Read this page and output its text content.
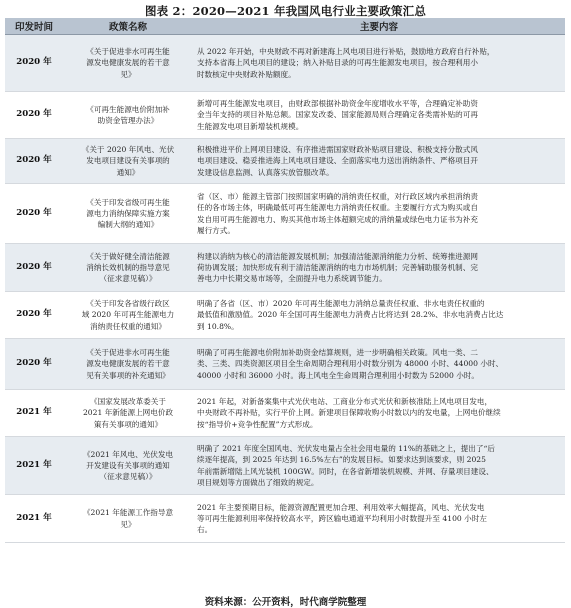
图表 2：2020—2021 年我国风电行业主要政策汇总
印发时间	政策名称	主要内容
2020 年	《关于促进非水可再生能
源发电健康发展的若干意
见》	从 2022 年开始，中央财政不再对新建海上风电项目进行补贴，鼓励地方政府自行补贴，
支持本省海上风电项目的建设；纳入补贴目录的可再生能源发电项目，按合理利用小
时数核定中央财政补贴额度。

2020 年	《可再生能源电价附加补
助资金管理办法》	新增可再生能源发电项目，由财政部根据补助资金年度增收水平等，合理确定补助资
金当年支持的项目补贴总额。国家发改委、国家能源局则合理确定各类需补贴的可再
生能源发电项目新增装机规模。

2020 年	《关于 2020 年风电、光伏
发电项目建设有关事项的
通知》	积极推进平价上网项目建设、有序推进需国家财政补贴项目建设、积极支持分散式风
电项目建设、稳妥推进海上风电项目建设、全面落实电力送出消纳条件、严格项目开
发建设信息监测、认真落实放管服改革。

2020 年	《关于印发省级可再生能
源电力消纳保障实施方案
编制大纲的通知》	省（区、市）能源主管部门按照国家明确的消纳责任权重，对行政区域内承担消纳责
任的各市场主体，明确最低可再生能源电力消纳责任权重。主要履行方式为购买或自
发自用可再生能源电力、购买其他市场主体超额完成的消纳量或绿色电力证书为补充
履行方式。

2020 年	《关于做好健全清洁能源
消纳长效机制的指导意见
（征求意见稿）》	构建以消纳为核心的清洁能源发展机制；加强清洁能源消纳能力分析、统筹推进源网
荷协调发展；加快形成有利于清洁能源消纳的电力市场机制；完善辅助服务机制、完
善电力中长期交易市场等，全面提升电力系统调节能力。

2020 年	《关于印发各省级行政区
域 2020 年可再生能源电力
消纳责任权重的通知》	明确了各省（区、市）2020 年可再生能源电力消纳总量责任权重、非水电责任权重的
最低值和激励值。2020 年全国可再生能源电力消费占比将达到 28.2%、非水电消费占比达
到 10.8%。

2020 年	《关于促进非水可再生能
源发电健康发展的若干意
见有关事项的补充通知》	明确了可再生能源电价附加补助资金结算规则，进一步明确相关政策。风电一类、二
类、三类、四类资源区项目全生命周期合理利用小时数分别为 48000 小时、44000 小时、
40000 小时和 36000 小时。海上风电全生命周期合理利用小时数为 52000 小时。

2021 年	《国家发展改革委关于
2021 年新能源上网电价政
策有关事项的通知》	2021 年起，对新备案集中式光伏电站、工商业分布式光伏和新核准陆上风电项目发电，
中央财政不再补贴，实行平价上网。新建项目保障收购小时数以内的发电量，上网电价继续
按“指导价+竞争性配置”方式形成。

2021 年	《2021 年风电、光伏发电
开发建设有关事项的通知
（征求意见稿）》	明确了 2021 年度全国风电、光伏发电量占全社会用电量的 11%的基础之上，提出了“后
续逐年提高，到 2025 年达到 16.5%左右”的发展目标。如要求达到该要求，则 2025
年前需新增陆上风光装机 100GW。同时，在各省新增装机规模、并网、存量项目建设、
项目规划等方面做出了细致的规定。

2021 年	《2021 年能源工作指导意
见》	2021 年主要预期目标，能源资源配置更加合理、利用效率大幅提高，风电、光伏发电
等可再生能源利用率保持较高水平，跨区输电通道平均利用小时数提升至 4100 小时左
右。
资料来源：公开资料，时代商学院整理
